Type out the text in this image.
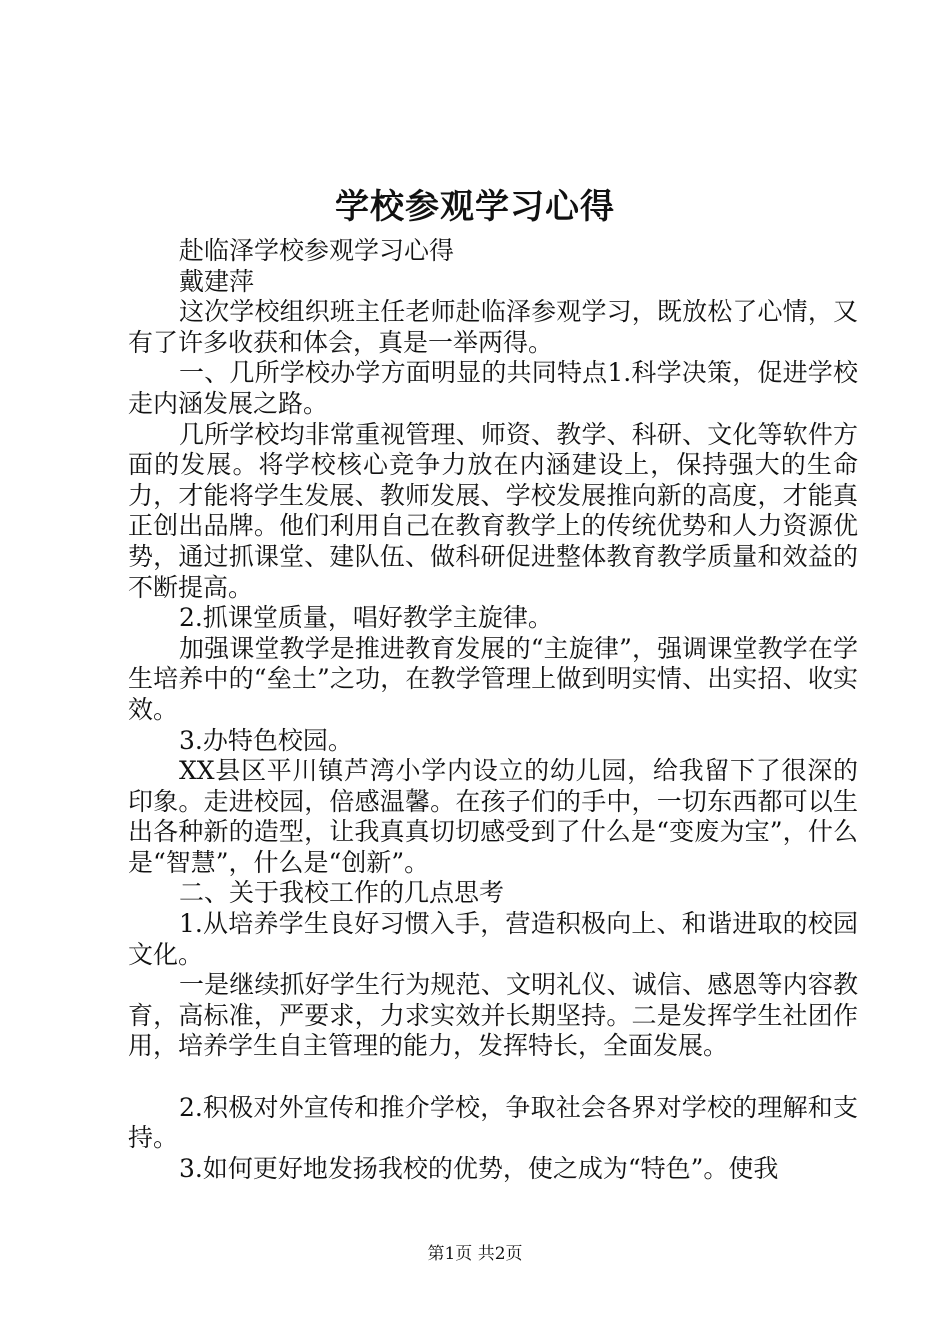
学校参观学习心得

赴临泽学校参观学习心得

戴建萍

这次学校组织班主任老师赴临泽参观学习，既放松了心情，又有了许多收获和体会，真是一举两得。

一、几所学校办学方面明显的共同特点1.科学决策，促进学校走内涵发展之路。

几所学校均非常重视管理、师资、教学、科研、文化等软件方面的发展。将学校核心竞争力放在内涵建设上，保持强大的生命力，才能将学生发展、教师发展、学校发展推向新的高度，才能真正创出品牌。他们利用自己在教育教学上的传统优势和人力资源优势，通过抓课堂、建队伍、做科研促进整体教育教学质量和效益的不断提高。

2.抓课堂质量，唱好教学主旋律。

加强课堂教学是推进教育发展的“主旋律”，强调课堂教学在学生培养中的“垒土”之功，在教学管理上做到明实情、出实招、收实效。

3.办特色校园。

XX县区平川镇芦湾小学内设立的幼儿园，给我留下了很深的印象。走进校园，倍感温馨。在孩子们的手中，一切东西都可以生出各种新的造型，让我真真切切感受到了什么是“变废为宝”，什么是“智慧”，什么是“创新”。

二、关于我校工作的几点思考

1.从培养学生良好习惯入手，营造积极向上、和谐进取的校园文化。

一是继续抓好学生行为规范、文明礼仪、诚信、感恩等内容教育，高标准，严要求，力求实效并长期坚持。二是发挥学生社团作用，培养学生自主管理的能力，发挥特长，全面发展。

2.积极对外宣传和推介学校，争取社会各界对学校的理解和支持。

3.如何更好地发扬我校的优势，使之成为“特色”。使我

第1页 共2页
